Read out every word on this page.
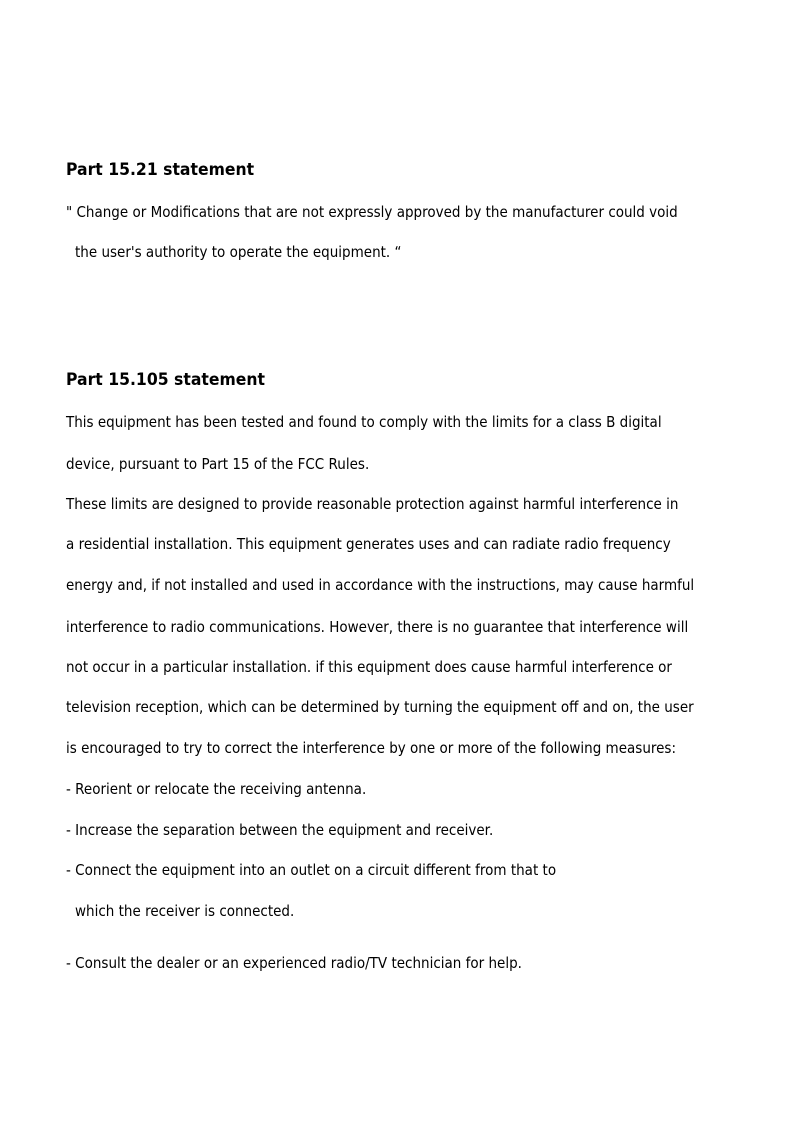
Part 15.21 statement

" Change or Modifications that are not expressly approved by the manufacturer could void

the user's authority to operate the equipment. “

Part 15.105 statement

This equipment has been tested and found to comply with the limits for a class B digital

device, pursuant to Part 15 of the FCC Rules.

These limits are designed to provide reasonable protection against harmful interference in

a residential installation. This equipment generates uses and can radiate radio frequency

energy and, if not installed and used in accordance with the instructions, may cause harmful

interference to radio communications. However, there is no guarantee that interference will

not occur in a particular installation. if this equipment does cause harmful interference or

television reception, which can be determined by turning the equipment off and on, the user

is encouraged to try to correct the interference by one or more of the following measures:

- Reorient or relocate the receiving antenna.

- Increase the separation between the equipment and receiver.

- Connect the equipment into an outlet on a circuit different from that to

which the receiver is connected.

- Consult the dealer or an experienced radio/TV technician for help.
